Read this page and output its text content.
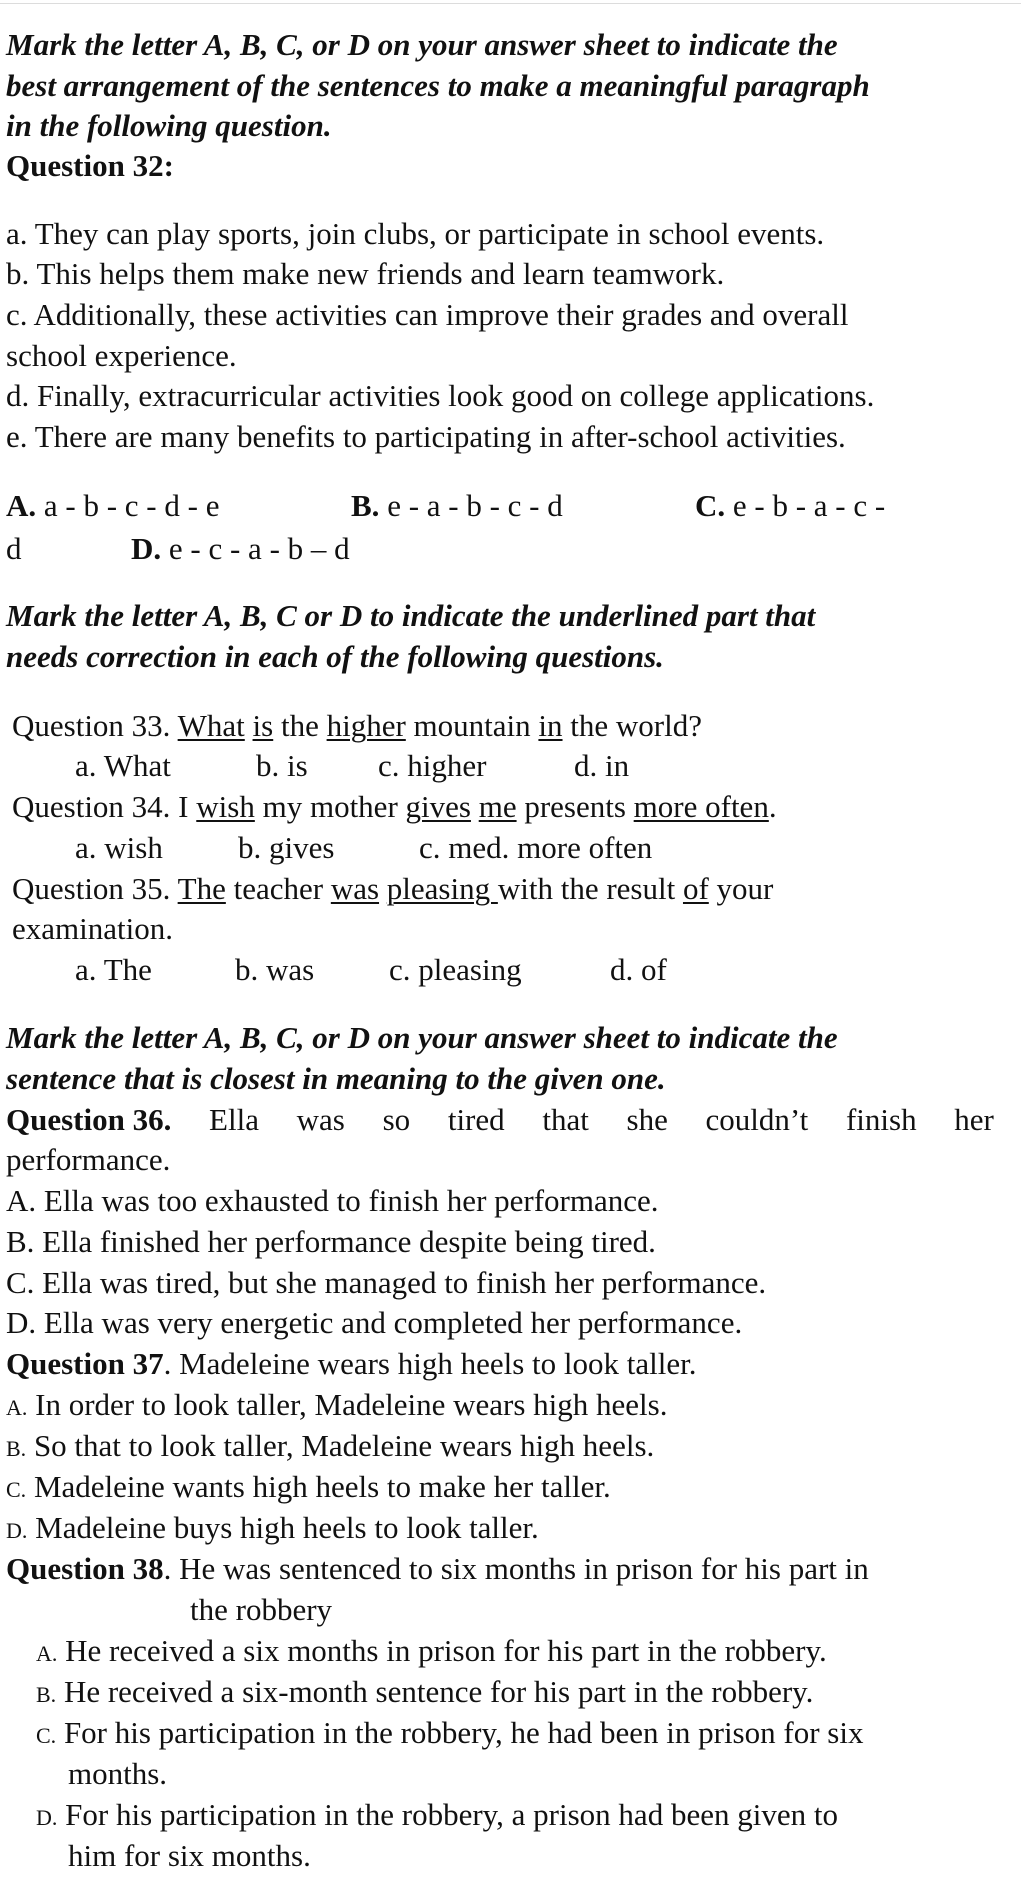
Mark the letter A, B, C, or D on your answer sheet to indicate the
best arrangement of the sentences to make a meaningful paragraph
in the following question.
Question 32:
a. They can play sports, join clubs, or participate in school events.
b. This helps them make new friends and learn teamwork.
c. Additionally, these activities can improve their grades and overall
school experience.
d. Finally, extracurricular activities look good on college applications.
e. There are many benefits to participating in after-school activities.
A. a - b - c - d - e	B. e - a - b - c - d	C. e - b - a - c -
d	D. e - c - a - b – d
Mark the letter A, B, C or D to indicate the underlined part that
needs correction in each of the following questions.
Question 33. What is the higher mountain in the world?
a. What	b. is c. higher	d. in
Question 34. I wish my mother gives me presents more often.
a. wish b. gives	c. med. more often
Question 35. The teacher was pleasing with the result of your
examination.
a. The	b. was c. pleasing	d. of
Mark the letter A, B, C, or D on your answer sheet to indicate the
sentence that is closest in meaning to the given one.
Question 36. Ella was so tired that she couldn’t finish her
performance.
A. Ella was too exhausted to finish her performance.
B. Ella finished her performance despite being tired.
C. Ella was tired, but she managed to finish her performance.
D. Ella was very energetic and completed her performance.
Question 37. Madeleine wears high heels to look taller.
A. In order to look taller, Madeleine wears high heels.
B. So that to look taller, Madeleine wears high heels.
C. Madeleine wants high heels to make her taller.
D. Madeleine buys high heels to look taller.
Question 38. He was sentenced to six months in prison for his part in
the robbery
A. He received a six months in prison for his part in the robbery.
B. He received a six-month sentence for his part in the robbery.
C. For his participation in the robbery, he had been in prison for six
months.
D. For his participation in the robbery, a prison had been given to
him for six months.
